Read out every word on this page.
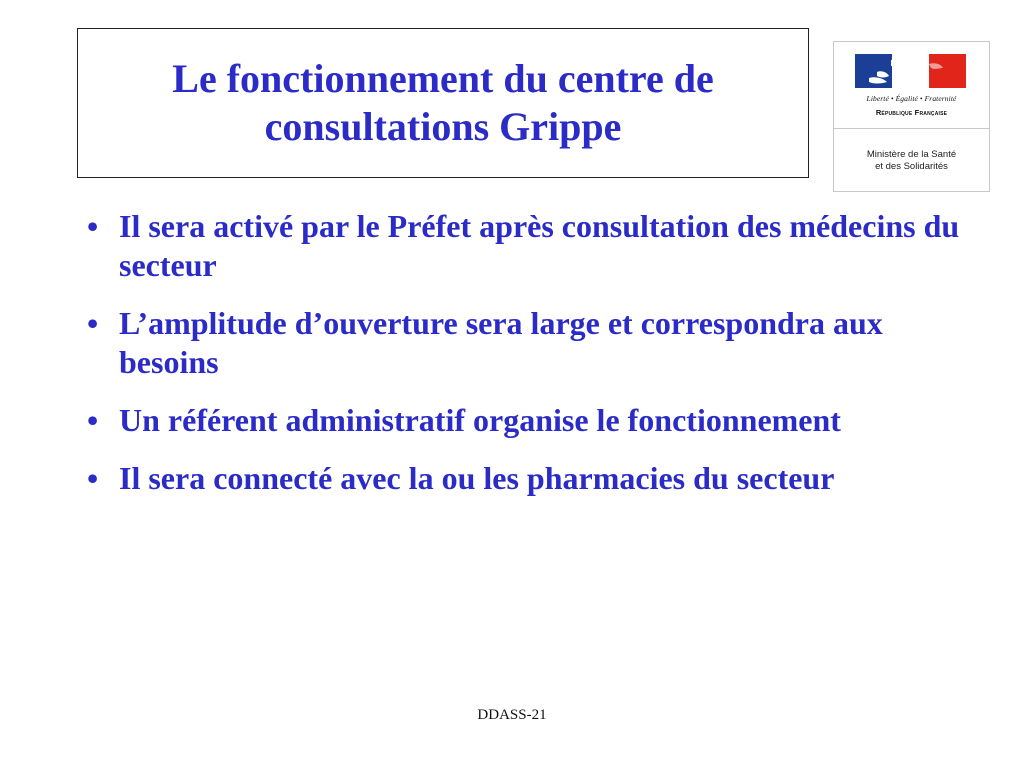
Le fonctionnement du centre de
consultations Grippe
Liberté • Égalité • Fraternité
République Française
Ministère de la Santé
et des Solidarités
• Il sera activé par le Préfet après consultation des médecins du secteur
• L’amplitude d’ouverture sera large et correspondra aux besoins
• Un référent administratif organise le fonctionnement
• Il sera connecté avec la ou les pharmacies du secteur
DDASS-21
